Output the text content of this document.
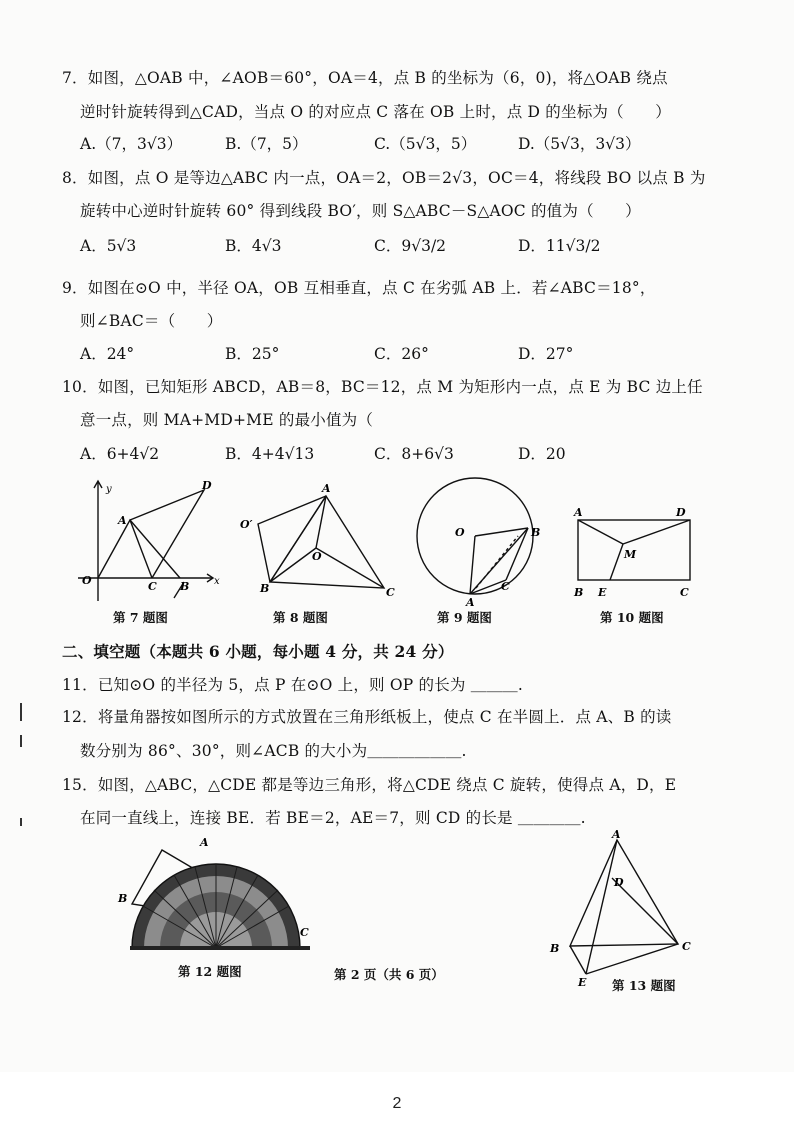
7．如图，△OAB 中，∠AOB＝60°，OA＝4，点 B 的坐标为（6，0)，将△OAB 绕点
逆时针旋转得到△CAD，当点 O 的对应点 C 落在 OB 上时，点 D 的坐标为（　　）
A.（7，3√3）	B.（7，5）	C.（5√3，5）	D.（5√3，3√3）
8．如图，点 O 是等边△ABC 内一点，OA＝2，OB＝2√3，OC＝4，将线段 BO 以点 B 为
旋转中心逆时针旋转 60° 得到线段 BO′，则 S△ABC－S△AOC 的值为（　　）
A．5√3	B．4√3	C．9√3/2	D．11√3/2
9．如图在⊙O 中，半径 OA，OB 互相垂直，点 C 在劣弧 AB 上．若∠ABC＝18°，
则∠BAC＝（　　）
A．24°	B．25°	C．26°	D．27°
10．如图，已知矩形 ABCD，AB＝8，BC＝12，点 M 为矩形内一点，点 E 为 BC 边上任
意一点，则 MA+MD+ME 的最小值为（
A．6+4√2	B．4+4√13	C．8+6√3	D．20
y
x
O
A
C B
D
第 7 题图
A
B	C
O
O′
第 8 题图
O	B
A
C
第 9 题图
A	D
M
B E	C
第 10 题图
二、填空题（本题共 6 小题，每小题 4 分，共 24 分）
11．已知⊙O 的半径为 5，点 P 在⊙O 上，则 OP 的长为 ＿＿＿.
12．将量角器按如图所示的方式放置在三角形纸板上，使点 C 在半圆上．点 A、B 的读
数分别为 86°、30°，则∠ACB 的大小为＿＿＿＿＿＿.
15．如图，△ABC，△CDE 都是等边三角形，将△CDE 绕点 C 旋转，使得点 A，D，E
在同一直线上，连接 BE．若 BE＝2，AE＝7，则 CD 的长是 ＿＿＿＿.
A
B
C
第 12 题图	第 2 页（共 6 页）
A
D
B	C
E 第 13 题图
2
